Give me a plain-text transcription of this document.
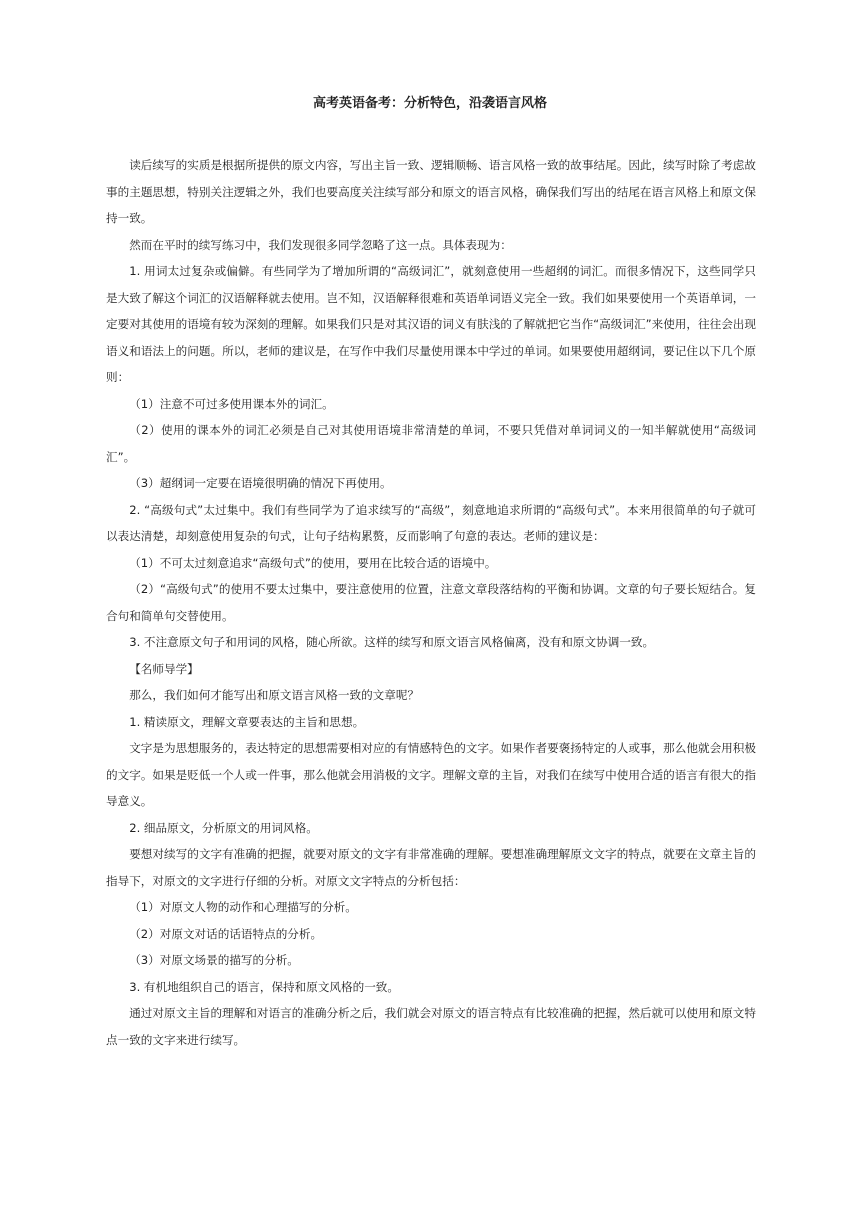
高考英语备考：分析特色，沿袭语言风格

读后续写的实质是根据所提供的原文内容，写出主旨一致、逻辑顺畅、语言风格一致的故事结尾。因此，续写时除了考虑故事的主题思想，特别关注逻辑之外，我们也要高度关注续写部分和原文的语言风格，确保我们写出的结尾在语言风格上和原文保持一致。

然而在平时的续写练习中，我们发现很多同学忽略了这一点。具体表现为：

1. 用词太过复杂或偏僻。有些同学为了增加所谓的“高级词汇”，就刻意使用一些超纲的词汇。而很多情况下，这些同学只是大致了解这个词汇的汉语解释就去使用。岂不知，汉语解释很难和英语单词语义完全一致。我们如果要使用一个英语单词，一定要对其使用的语境有较为深刻的理解。如果我们只是对其汉语的词义有肤浅的了解就把它当作“高级词汇”来使用，往往会出现语义和语法上的问题。所以，老师的建议是，在写作中我们尽量使用课本中学过的单词。如果要使用超纲词，要记住以下几个原则：

（1）注意不可过多使用课本外的词汇。

（2）使用的课本外的词汇必须是自己对其使用语境非常清楚的单词，不要只凭借对单词词义的一知半解就使用“高级词汇”。

（3）超纲词一定要在语境很明确的情况下再使用。

2. “高级句式”太过集中。我们有些同学为了追求续写的“高级”，刻意地追求所谓的“高级句式”。本来用很简单的句子就可以表达清楚，却刻意使用复杂的句式，让句子结构累赘，反而影响了句意的表达。老师的建议是：

（1）不可太过刻意追求“高级句式”的使用，要用在比较合适的语境中。

（2）“高级句式”的使用不要太过集中，要注意使用的位置，注意文章段落结构的平衡和协调。文章的句子要长短结合。复合句和简单句交替使用。

3. 不注意原文句子和用词的风格，随心所欲。这样的续写和原文语言风格偏离，没有和原文协调一致。

【名师导学】

那么，我们如何才能写出和原文语言风格一致的文章呢？

1. 精读原文，理解文章要表达的主旨和思想。

文字是为思想服务的，表达特定的思想需要相对应的有情感特色的文字。如果作者要褒扬特定的人或事，那么他就会用积极的文字。如果是贬低一个人或一件事，那么他就会用消极的文字。理解文章的主旨，对我们在续写中使用合适的语言有很大的指导意义。

2. 细品原文，分析原文的用词风格。

要想对续写的文字有准确的把握，就要对原文的文字有非常准确的理解。要想准确理解原文文字的特点，就要在文章主旨的指导下，对原文的文字进行仔细的分析。对原文文字特点的分析包括：

（1）对原文人物的动作和心理描写的分析。

（2）对原文对话的话语特点的分析。

（3）对原文场景的描写的分析。

3. 有机地组织自己的语言，保持和原文风格的一致。

通过对原文主旨的理解和对语言的准确分析之后，我们就会对原文的语言特点有比较准确的把握，然后就可以使用和原文特点一致的文字来进行续写。
